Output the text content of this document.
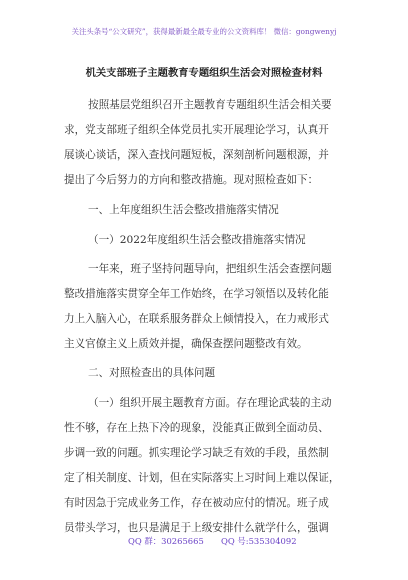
关注头条号“公文研究”，获得最新最全最专业的公文资料库！ 微信：gongwenyj
机关支部班子主题教育专题组织生活会对照检查材料
按照基层党组织召开主题教育专题组织生活会相关要
求，党支部班子组织全体党员扎实开展理论学习，认真开
展谈心谈话，深入查找问题短板，深刻剖析问题根源，并
提出了今后努力的方向和整改措施。现对照检查如下：
一、上年度组织生活会整改措施落实情况
（一）2022年度组织生活会整改措施落实情况
一年来，班子坚持问题导向，把组织生活会查摆问题
整改措施落实贯穿全年工作始终，在学习领悟以及转化能
力上入脑入心，在联系服务群众上倾情投入，在力戒形式
主义官僚主义上质效并提，确保查摆问题整改有效。
二、对照检查出的具体问题
（一）组织开展主题教育方面。存在理论武装的主动
性不够，存在上热下冷的现象，没能真正做到全面动员、
步调一致的问题。抓实理论学习缺乏有效的手段，虽然制
定了相关制度、计划，但在实际落实上习时间上难以保证，
有时因急于完成业务工作，存在被动应付的情况。班子成
员带头学习，也只是满足于上级安排什么就学什么，强调
QQ 群：30265665 QQ 号:535304092
